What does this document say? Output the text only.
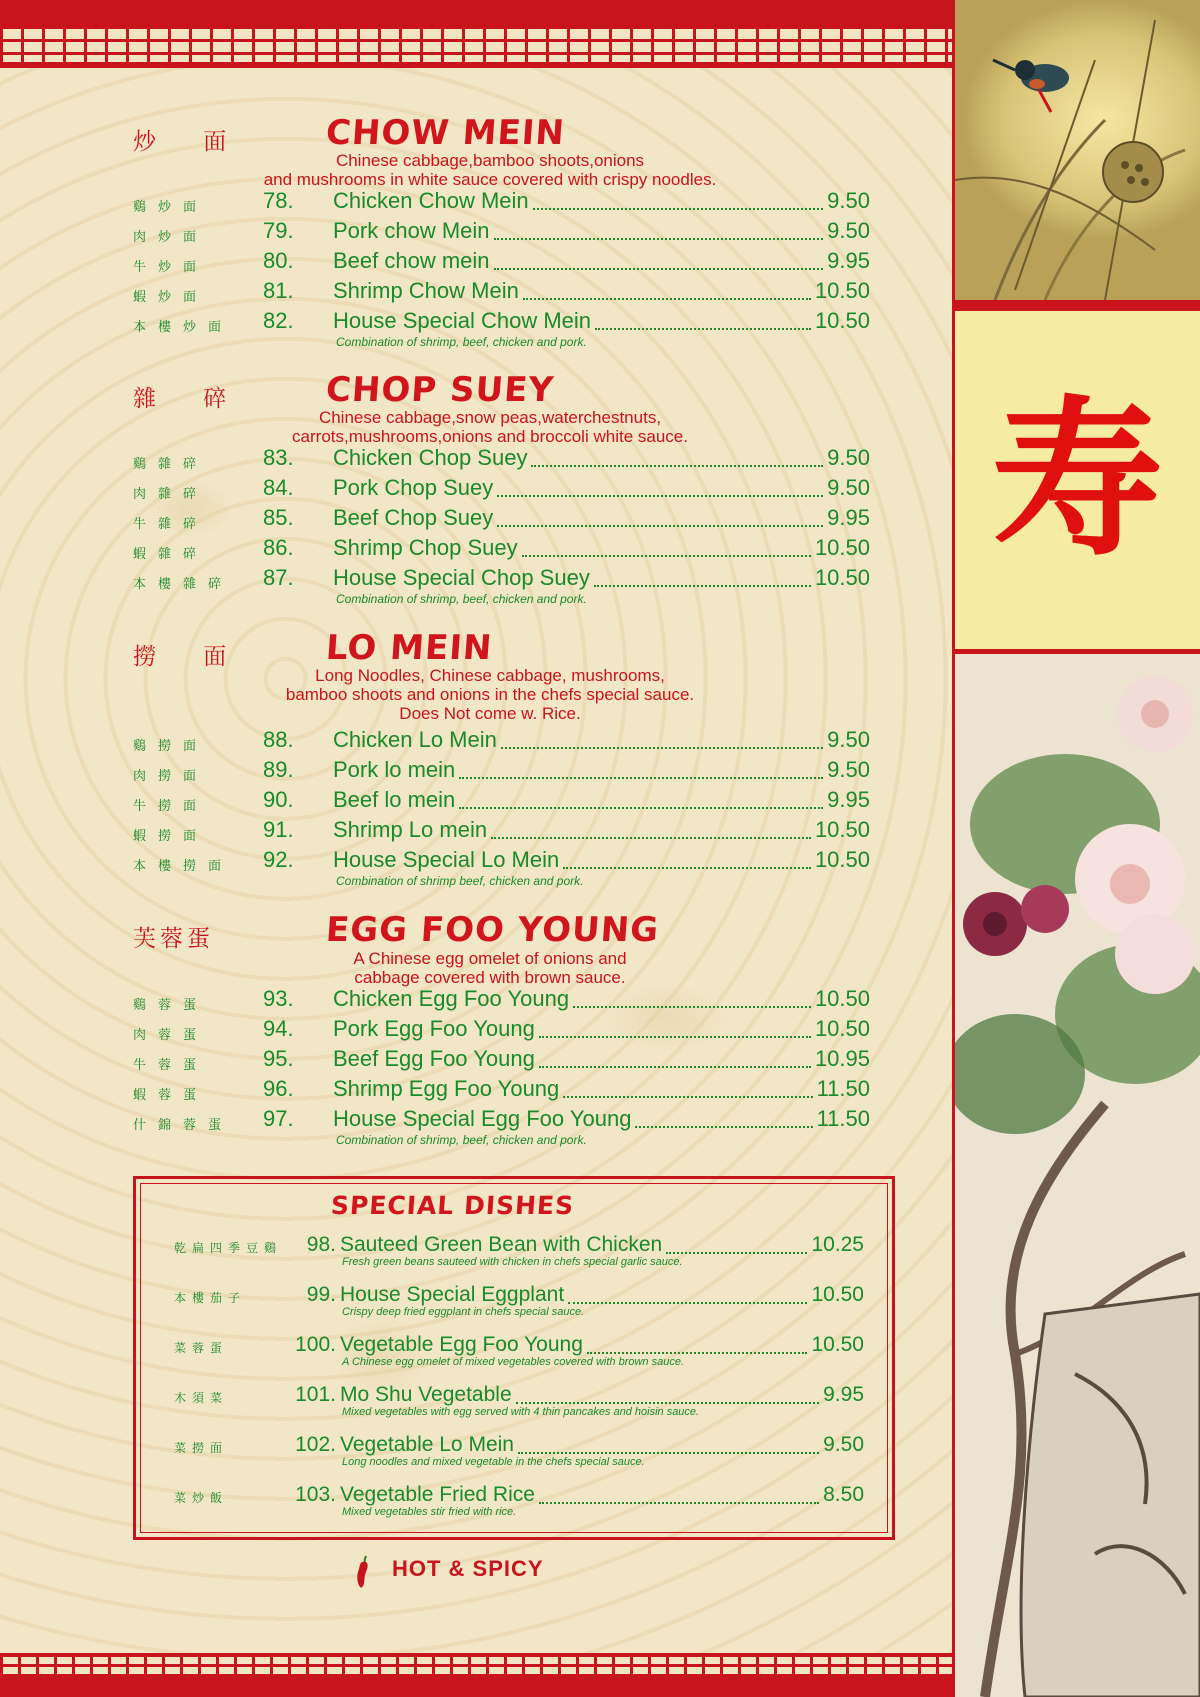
炒 面 CHOW MEIN
Chinese cabbage,bamboo shoots,onions
and mushrooms in white sauce covered with crispy noodles.
鷄炒面	78. Chicken Chow Mein	9.50
肉炒面	79. Pork chow Mein	9.50
牛炒面	80. Beef chow mein	9.95
蝦炒面	81. Shrimp Chow Mein	10.50
本樓炒面	82. House Special Chow Mein	10.50
Combination of shrimp, beef, chicken and pork.
雜 碎 CHOP SUEY
Chinese cabbage,snow peas,waterchestnuts,
carrots,mushrooms,onions and broccoli white sauce.
鷄雜碎	83. Chicken Chop Suey	9.50
肉雜碎	84. Pork Chop Suey	9.50
牛雜碎	85. Beef Chop Suey	9.95
蝦雜碎	86. Shrimp Chop Suey	10.50
本樓雜碎	87. House Special Chop Suey	10.50
Combination of shrimp, beef, chicken and pork.
撈 面 LO MEIN
Long Noodles, Chinese cabbage, mushrooms,
bamboo shoots and onions in the chefs special sauce.
Does Not come w. Rice.
鷄撈面	88. Chicken Lo Mein	9.50
肉撈面	89. Pork lo mein	9.50
牛撈面	90. Beef lo mein	9.95
蝦撈面	91. Shrimp Lo mein	10.50
本樓撈面	92. House Special Lo Mein	10.50
Combination of shrimp beef, chicken and pork.
芙蓉蛋	EGG FOO YOUNG
A Chinese egg omelet of onions and
cabbage covered with brown sauce.
鷄蓉蛋	93. Chicken Egg Foo Young	10.50
肉蓉蛋	94. Pork Egg Foo Young	10.50
牛蓉蛋	95. Beef Egg Foo Young	10.95
蝦蓉蛋	96. Shrimp Egg Foo Young	11.50
什錦蓉蛋	97. House Special Egg Foo Young	11.50
Combination of shrimp, beef, chicken and pork.
SPECIAL DISHES
乾扁四季豆鷄	98. Sauteed Green Bean with Chicken	10.25
Fresh green beans sauteed with chicken in chefs special garlic sauce.
本樓茄子	99. House Special Eggplant	10.50
Crispy deep fried eggplant in chefs special sauce.
菜蓉蛋	100. Vegetable Egg Foo Young	10.50
A Chinese egg omelet of mixed vegetables covered with brown sauce.
木須菜	101. Mo Shu Vegetable	9.95
Mixed vegetables with egg served with 4 thin pancakes and hoisin sauce.
菜撈面	102. Vegetable Lo Mein	9.50
Long noodles and mixed vegetable in the chefs special sauce.
菜炒飯	103. Vegetable Fried Rice	8.50
Mixed vegetables stir fried with rice.
HOT & SPICY
寿
